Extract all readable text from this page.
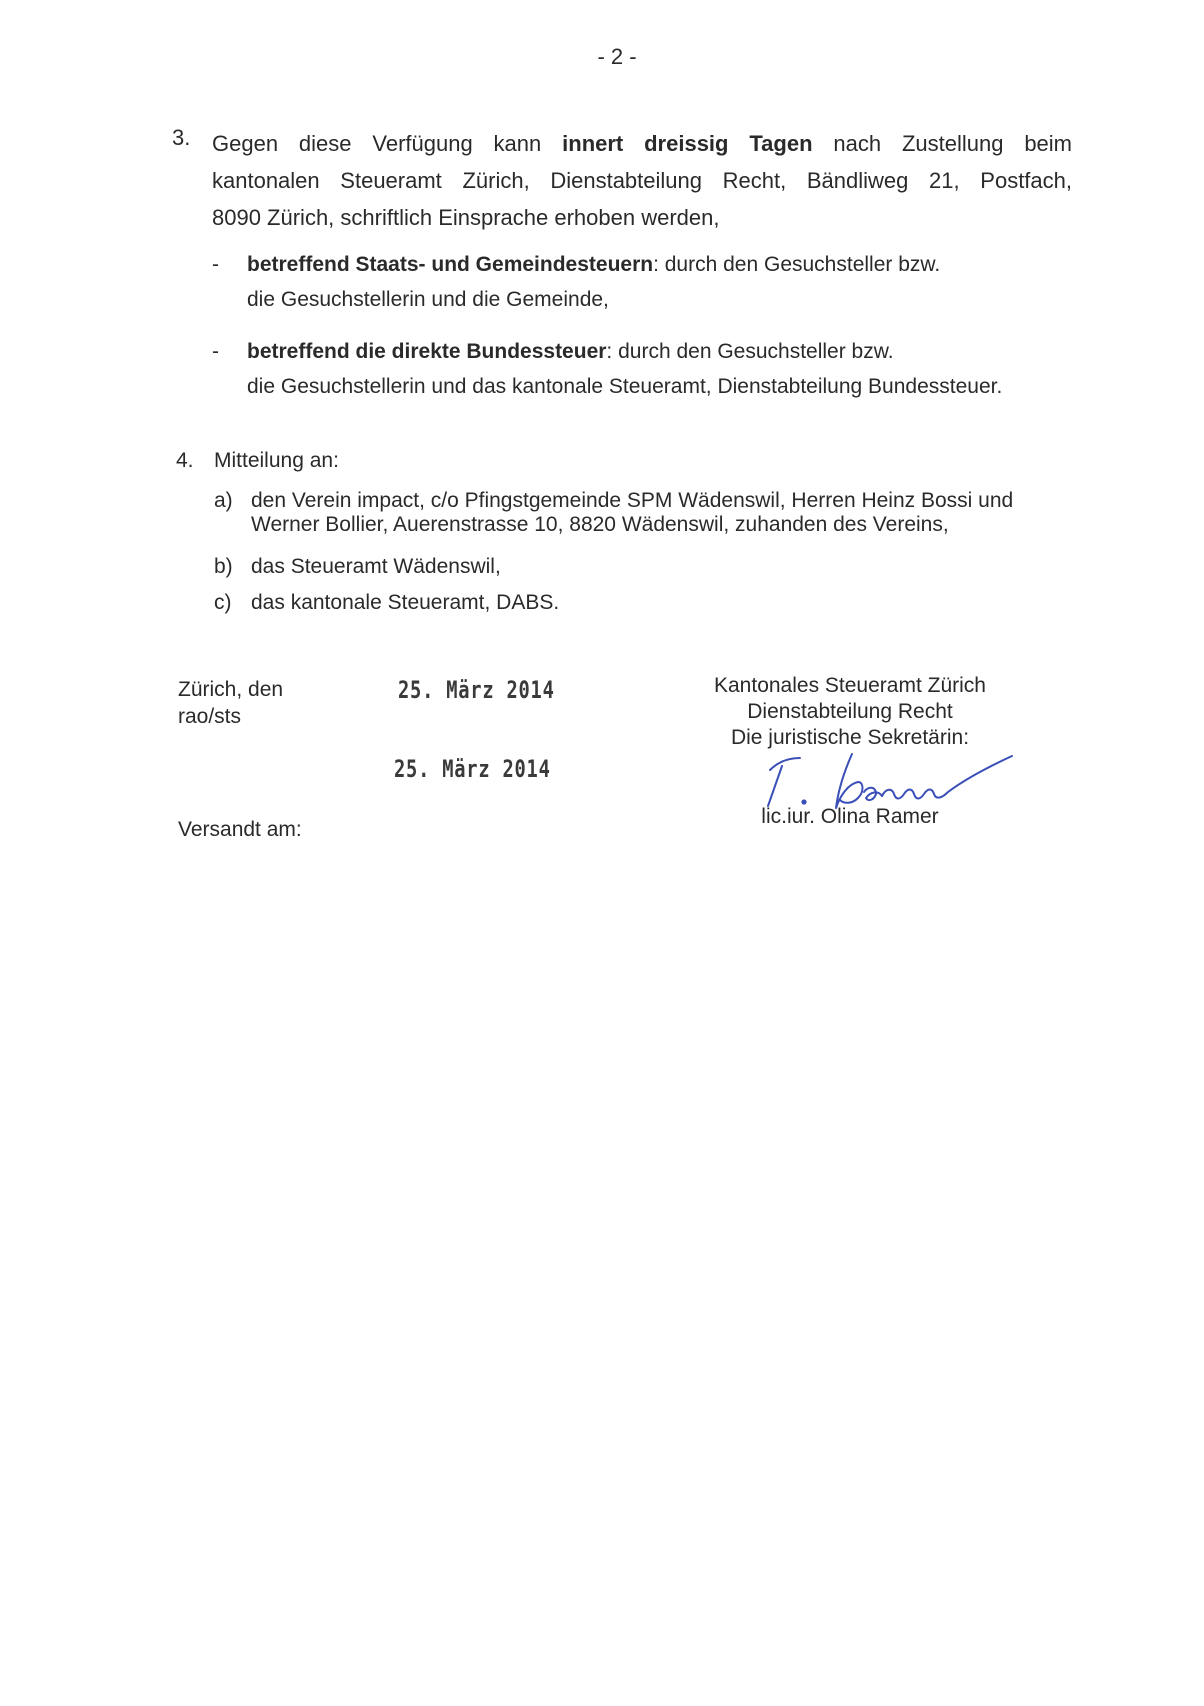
- 2 -
3. Gegen diese Verfügung kann innert dreissig Tagen nach Zustellung beim
kantonalen Steueramt Zürich, Dienstabteilung Recht, Bändliweg 21, Postfach,
8090 Zürich, schriftlich Einsprache erhoben werden,
- betreffend Staats- und Gemeindesteuern: durch den Gesuchsteller bzw.
die Gesuchstellerin und die Gemeinde,
- betreffend die direkte Bundessteuer: durch den Gesuchsteller bzw.
die Gesuchstellerin und das kantonale Steueramt, Dienstabteilung Bundessteuer.
4. Mitteilung an:
a) den Verein impact, c/o Pfingstgemeinde SPM Wädenswil, Herren Heinz Bossi und
Werner Bollier, Auerenstrasse 10, 8820 Wädenswil, zuhanden des Vereins,
b) das Steueramt Wädenswil,
c) das kantonale Steueramt, DABS.
Zürich, den
rao/sts
Versandt am:
25. März 2014
25. März 2014
Kantonales Steueramt Zürich
Dienstabteilung Recht
Die juristische Sekretärin:
lic.iur. Olina Ramer
